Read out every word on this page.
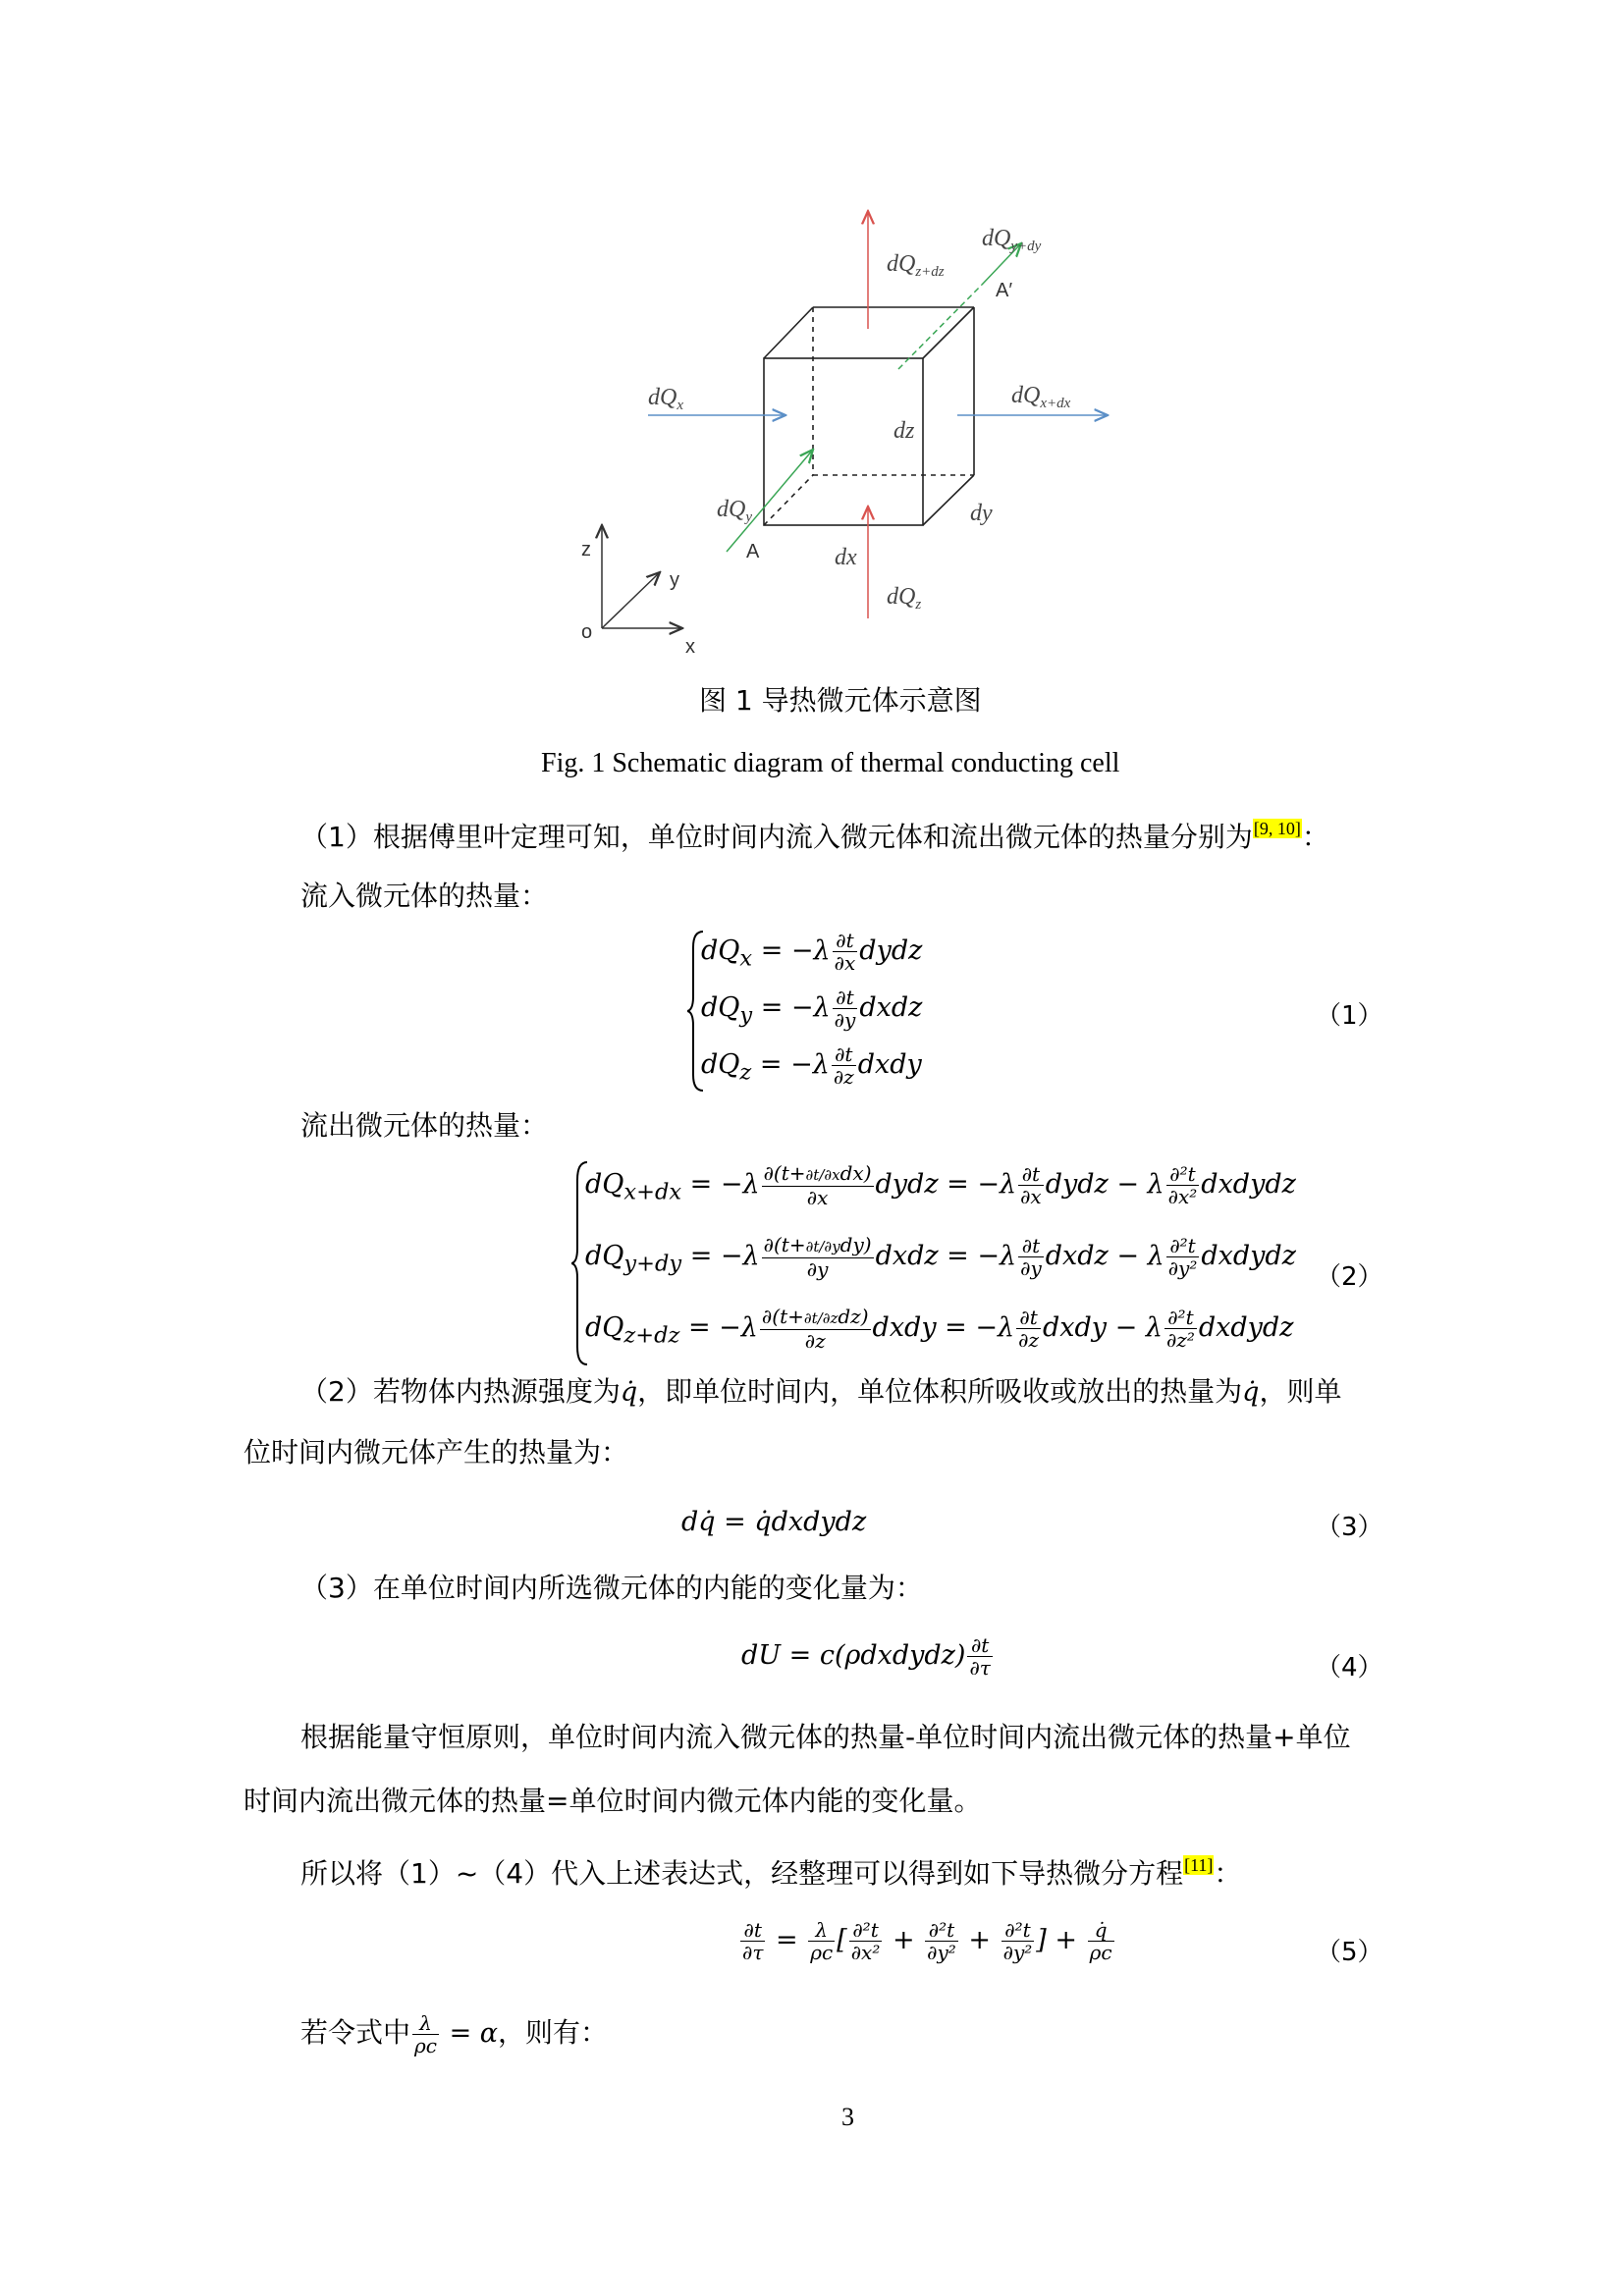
$dQ_x$	$dQ_{x+dx}$
$dQ_{z+dz}$
$dQ_z$
$dQ_y$
$dQ_{y+dy}$
dz
dy
dx
A
A′
z
y
x
o
图 1 导热微元体示意图
Fig. 1 Schematic diagram of thermal conducting cell
（1）根据傅里叶定理可知，单位时间内流入微元体和流出微元体的热量分别为[9, 10]：
流入微元体的热量：
$dQ_x = -\lambda \frac{\partial t}{\partial x}$ dydz
$dQ_y = -\lambda \frac{\partial t}{\partial y}$ dxdz
$dQ_z = -\lambda \frac{\partial t}{\partial z}$ dxdy
（1）
流出微元体的热量：
$dQ_{x+dx} = -\lambda \frac{\text{∂(t+∂t/∂xdx)}}{\partial x}$ dydz = $-\lambda \frac{\partial t}{\partial x}$ dydz − λ $\frac{\text{∂²t}}{\text{∂x²}}$ dxdydz
$dQ_{y+dy} = -\lambda \frac{\text{∂(t+∂t/∂ydy)}}{\partial y}$ dxdz = $-\lambda \frac{\partial t}{\partial y}$ dxdz − λ $\frac{\text{∂²t}}{\text{∂y²}}$ dxdydz
$dQ_{z+dz} = -\lambda \frac{\text{∂(t+∂t/∂zdz)}}{\partial z}$ dxdy = $-\lambda \frac{\partial t}{\partial z}$ dxdy − λ $\frac{\text{∂²t}}{\text{∂z²}}$ dxdydz
（2）
（2）若物体内热源强度为q̇，即单位时间内，单位体积所吸收或放出的热量为q̇，则单
位时间内微元体产生的热量为：
dq̇ = q̇dxdydz	（3）
（3）在单位时间内所选微元体的内能的变化量为：
dU = c(ρdxdydz) $\frac{\partial t}{\partial\tau}$	（4）
根据能量守恒原则，单位时间内流入微元体的热量-单位时间内流出微元体的热量+单位
时间内流出微元体的热量=单位时间内微元体内能的变化量。
所以将（1）~（4）代入上述表达式，经整理可以得到如下导热微分方程[11]：
$\frac{\partial t}{\partial\tau} = \frac{\lambda}{\rho c}$ [ $\frac{\text{∂²t}}{\text{∂x²}} + \frac{\text{∂²t}}{\text{∂y²}} + \frac{\text{∂²t}}{\text{∂y²}}$ ] + $\frac{q̇}{\rho c}$	（5）
若令式中 $\frac{\lambda}{\rho c} = \alpha$，则有：
3
